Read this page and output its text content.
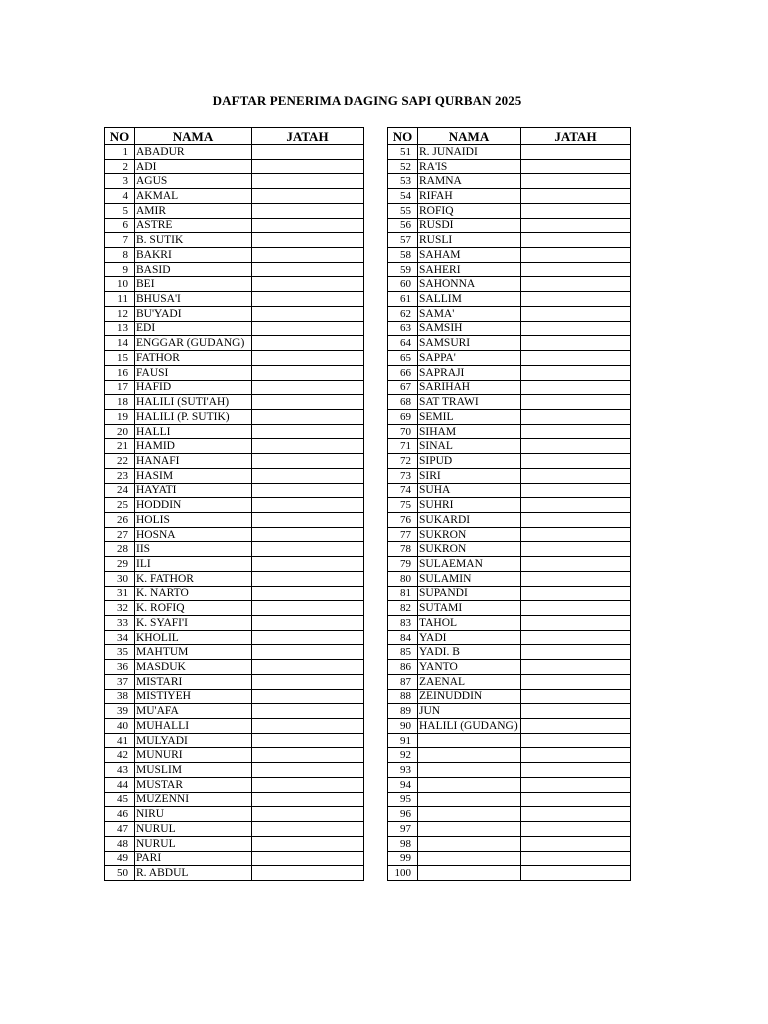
DAFTAR PENERIMA DAGING SAPI QURBAN 2025
NO	NAMA	JATAH
1	ABADUR	
2	ADI	
3	AGUS	
4	AKMAL	
5	AMIR	
6	ASTRE	
7	B. SUTIK	
8	BAKRI	
9	BASID	
10	BEI	
11	BHUSA'I	
12	BU'YADI	
13	EDI	
14	ENGGAR (GUDANG)	
15	FATHOR	
16	FAUSI	
17	HAFID	
18	HALILI (SUTI'AH)	
19	HALILI (P. SUTIK)	
20	HALLI	
21	HAMID	
22	HANAFI	
23	HASIM	
24	HAYATI	
25	HODDIN	
26	HOLIS	
27	HOSNA	
28	IIS	
29	ILI	
30	K. FATHOR	
31	K. NARTO	
32	K. ROFIQ	
33	K. SYAFI'I	
34	KHOLIL	
35	MAHTUM	
36	MASDUK	
37	MISTARI	
38	MISTIYEH	
39	MU'AFA	
40	MUHALLI	
41	MULYADI	
42	MUNURI	
43	MUSLIM	
44	MUSTAR	
45	MUZENNI	
46	NIRU	
47	NURUL	
48	NURUL	
49	PARI	
50	R. ABDUL	
NO	NAMA	JATAH
51	R. JUNAIDI	
52	RA'IS	
53	RAMNA	
54	RIFAH	
55	ROFIQ	
56	RUSDI	
57	RUSLI	
58	SAHAM	
59	SAHERI	
60	SAHONNA	
61	SALLIM	
62	SAMA'	
63	SAMSIH	
64	SAMSURI	
65	SAPPA'	
66	SAPRAJI	
67	SARIHAH	
68	SAT TRAWI	
69	SEMIL	
70	SIHAM	
71	SINAL	
72	SIPUD	
73	SIRI	
74	SUHA	
75	SUHRI	
76	SUKARDI	
77	SUKRON	
78	SUKRON	
79	SULAEMAN	
80	SULAMIN	
81	SUPANDI	
82	SUTAMI	
83	TAHOL	
84	YADI	
85	YADI. B	
86	YANTO	
87	ZAENAL	
88	ZEINUDDIN	
89	JUN	
90	HALILI (GUDANG)	
91		
92		
93		
94		
95		
96		
97		
98		
99		
100		
